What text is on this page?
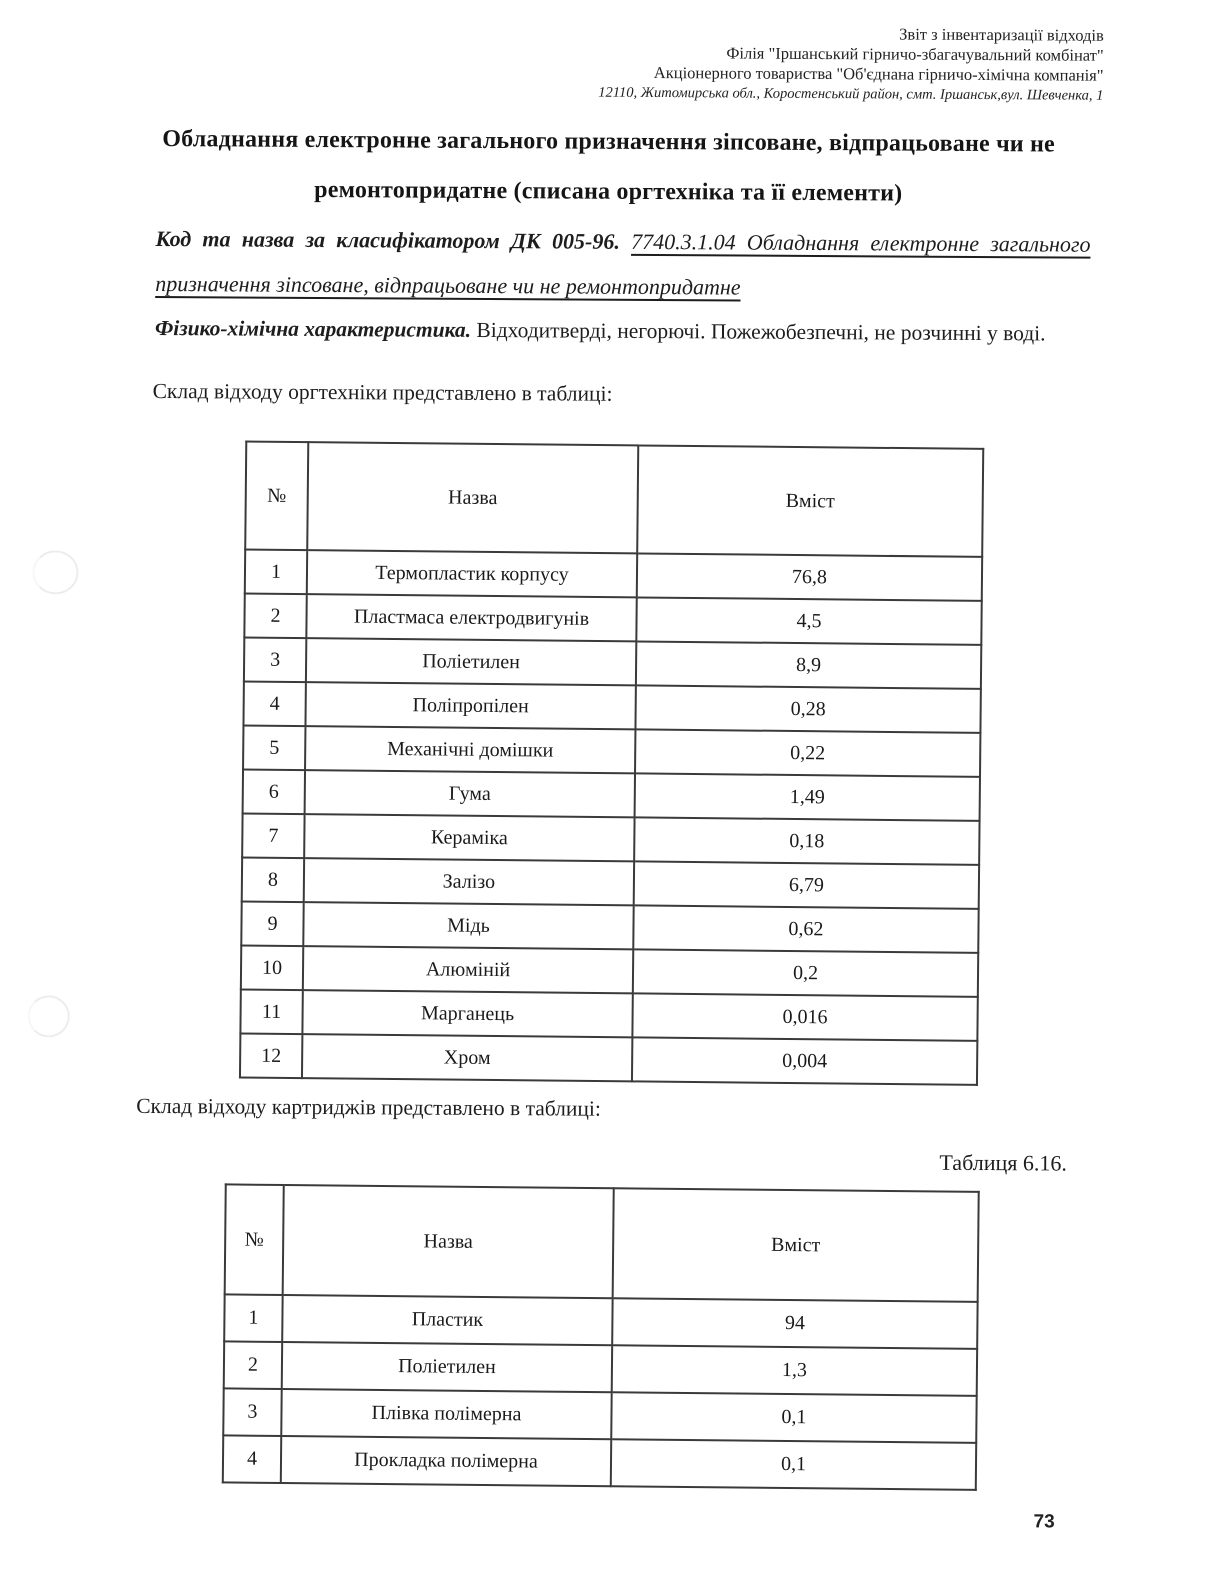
Звіт з інвентаризації відходів
Філія "Іршанський гірничо-збагачувальний комбінат"
Акціонерного товариства "Об'єднана гірничо-хімічна компанія"
12110, Житомирська обл., Коростенський район, смт. Іршанськ,вул. Шевченка, 1
Обладнання електронне загального призначення зіпсоване, відпрацьоване чи не ремонтопридатне (списана оргтехніка та її елементи)

Код та назва за класифікатором ДК 005-96. 7740.3.1.04 Обладнання електронне загального призначення зіпсоване, відпрацьоване чи не ремонтопридатне

Фізико-хімічна характеристика. Відходитверді, негорючі. Пожежобезпечні, не розчинні у воді.

Склад відходу оргтехніки представлено в таблиці:

№	Назва	Вміст
1	Термопластик корпусу	76,8
2	Пластмаса електродвигунів	4,5
3	Поліетилен	8,9
4	Поліпропілен	0,28
5	Механічні домішки	0,22
6	Гума	1,49
7	Кераміка	0,18
8	Залізо	6,79
9	Мідь	0,62
10	Алюміній	0,2
11	Марганець	0,016
12	Хром	0,004

Склад відходу картриджів представлено в таблиці:

Таблиця 6.16.

№	Назва	Вміст
1	Пластик	94
2	Поліетилен	1,3
3	Плівка полімерна	0,1
4	Прокладка полімерна	0,1
73
